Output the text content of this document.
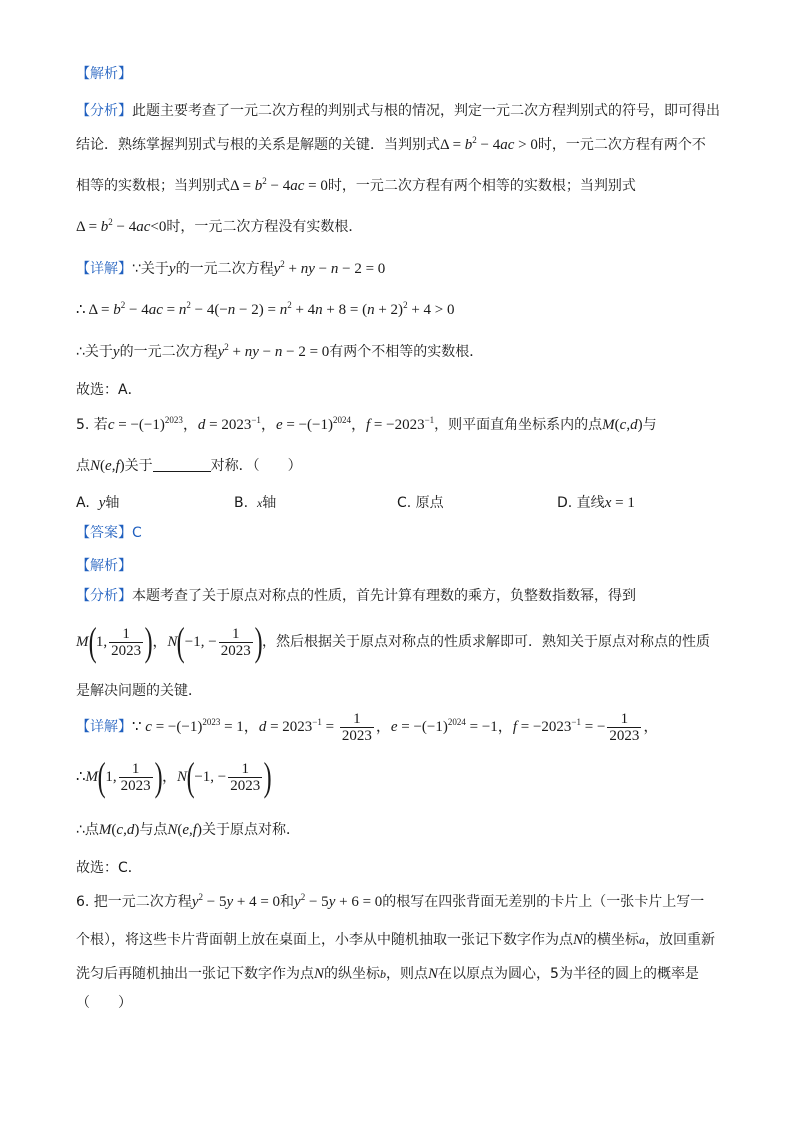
【解析】
【分析】此题主要考查了一元二次方程的判别式与根的情况，判定一元二次方程判别式的符号，即可得出
结论．熟练掌握判别式与根的关系是解题的关键．当判别式$\Delta = b^2 - 4ac > 0$时，一元二次方程有两个不
相等的实数根；当判别式$\Delta = b^2 - 4ac = 0$时，一元二次方程有两个相等的实数根；当判别式
$\Delta = b^2 - 4ac<0$时，一元二次方程没有实数根．
【详解】∵关于y的一元二次方程$y^2$ + ny − n − 2 = 0
∴ $\Delta = b^2 - 4ac = n^2 - 4(-n - 2) = n^2 + 4n + 8 = (n + 2)^2 + 4 > 0$
∴关于y的一元二次方程$y^2$ + ny − n − 2 = 0有两个不相等的实数根．
故选：A．
5. 若$c = -(-1)^{2023}$，$d = 2023^{-1}$，$e = -(-1)^{2024}$，$f = -2023^{-1}$，则平面直角坐标系内的点M(c,d)与
点N(e,f)关于	对称．（　　）
A. y轴	B. x轴	C. 原点	D. 直线x = 1
【答案】C
【解析】
【分析】本题考查了关于原点对称点的性质，首先计算有理数的乘方，负整数指数幂，得到
M(1, $\frac{1}{2023}$ )，N(−1, − $\frac{1}{2023}$ )，然后根据关于原点对称点的性质求解即可．熟知关于原点对称点的性质
是解决问题的关键．
【详解】∵ $c = -(-1)^{2023} = 1$，$d = 2023^{-1} = \frac{1}{2023}$ ，$e = -(-1)^{2024} = -1$，$f = -2023^{-1}$ = − $\frac{1}{2023}$ ，
∴M(1, $\frac{1}{2023}$ )，N(−1, − $\frac{1}{2023}$ )
∴点M(c,d)与点N(e,f)关于原点对称．
故选：C．
6. 把一元二次方程$y^2 - 5y + 4 = 0$和$y^2 - 5y + 6 = 0$的根写在四张背面无差别的卡片上（一张卡片上写一
个根），将这些卡片背面朝上放在桌面上，小李从中随机抽取一张记下数字作为点N的横坐标a，放回重新
洗匀后再随机抽出一张记下数字作为点N的纵坐标b，则点N在以原点为圆心，5为半径的圆上的概率是
（　　）
